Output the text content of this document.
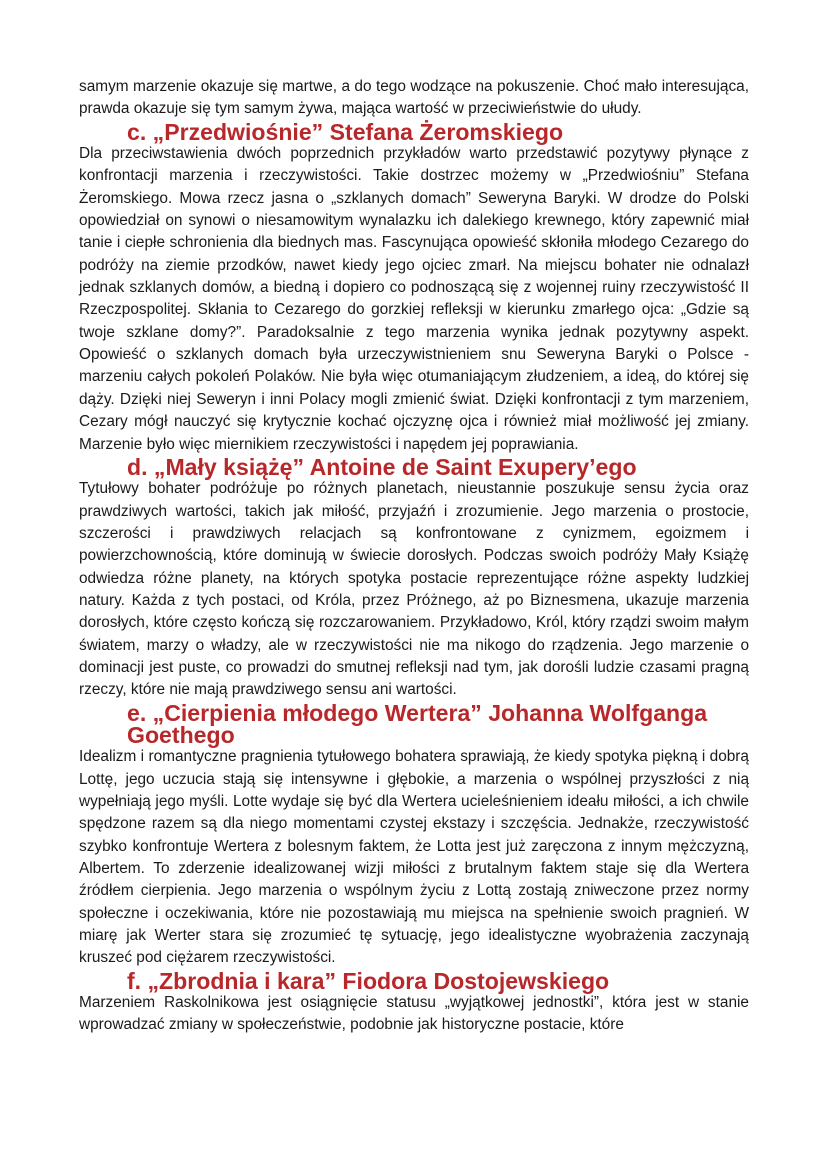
samym marzenie okazuje się martwe, a do tego wodzące na pokuszenie. Choć mało interesująca, prawda okazuje się tym samym żywa, mająca wartość w przeciwieństwie do ułudy.

c. „Przedwiośnie” Stefana Żeromskiego

Dla przeciwstawienia dwóch poprzednich przykładów warto przedstawić pozytywy płynące z konfrontacji marzenia i rzeczywistości. Takie dostrzec możemy w „Przedwiośniu” Stefana Żeromskiego. Mowa rzecz jasna o „szklanych domach” Seweryna Baryki. W drodze do Polski opowiedział on synowi o niesamowitym wynalazku ich dalekiego krewnego, który zapewnić miał tanie i ciepłe schronienia dla biednych mas. Fascynująca opowieść skłoniła młodego Cezarego do podróży na ziemie przodków, nawet kiedy jego ojciec zmarł. Na miejscu bohater nie odnalazł jednak szklanych domów, a biedną i dopiero co podnoszącą się z wojennej ruiny rzeczywistość II Rzeczpospolitej. Skłania to Cezarego do gorzkiej refleksji w kierunku zmarłego ojca: „Gdzie są twoje szklane domy?”. Paradoksalnie z tego marzenia wynika jednak pozytywny aspekt. Opowieść o szklanych domach była urzeczywistnieniem snu Seweryna Baryki o Polsce - marzeniu całych pokoleń Polaków. Nie była więc otumaniającym złudzeniem, a ideą, do której się dąży. Dzięki niej Seweryn i inni Polacy mogli zmienić świat. Dzięki konfrontacji z tym marzeniem, Cezary mógł nauczyć się krytycznie kochać ojczyznę ojca i również miał możliwość jej zmiany. Marzenie było więc miernikiem rzeczywistości i napędem jej poprawiania.

d. „Mały książę” Antoine de Saint Exupery’ego

Tytułowy bohater podróżuje po różnych planetach, nieustannie poszukuje sensu życia oraz prawdziwych wartości, takich jak miłość, przyjaźń i zrozumienie. Jego marzenia o prostocie, szczerości i prawdziwych relacjach są konfrontowane z cynizmem, egoizmem i powierzchownością, które dominują w świecie dorosłych. Podczas swoich podróży Mały Książę odwiedza różne planety, na których spotyka postacie reprezentujące różne aspekty ludzkiej natury. Każda z tych postaci, od Króla, przez Próżnego, aż po Biznesmena, ukazuje marzenia dorosłych, które często kończą się rozczarowaniem. Przykładowo, Król, który rządzi swoim małym światem, marzy o władzy, ale w rzeczywistości nie ma nikogo do rządzenia. Jego marzenie o dominacji jest puste, co prowadzi do smutnej refleksji nad tym, jak dorośli ludzie czasami pragną rzeczy, które nie mają prawdziwego sensu ani wartości.

e. „Cierpienia młodego Wertera” Johanna Wolfganga Goethego

Idealizm i romantyczne pragnienia tytułowego bohatera sprawiają, że kiedy spotyka piękną i dobrą Lottę, jego uczucia stają się intensywne i głębokie, a marzenia o wspólnej przyszłości z nią wypełniają jego myśli. Lotte wydaje się być dla Wertera ucieleśnieniem ideału miłości, a ich chwile spędzone razem są dla niego momentami czystej ekstazy i szczęścia. Jednakże, rzeczywistość szybko konfrontuje Wertera z bolesnym faktem, że Lotta jest już zaręczona z innym mężczyzną, Albertem. To zderzenie idealizowanej wizji miłości z brutalnym faktem staje się dla Wertera źródłem cierpienia. Jego marzenia o wspólnym życiu z Lottą zostają zniweczone przez normy społeczne i oczekiwania, które nie pozostawiają mu miejsca na spełnienie swoich pragnień. W miarę jak Werter stara się zrozumieć tę sytuację, jego idealistyczne wyobrażenia zaczynają kruszeć pod ciężarem rzeczywistości.

f. „Zbrodnia i kara” Fiodora Dostojewskiego

Marzeniem Raskolnikowa jest osiągnięcie statusu „wyjątkowej jednostki”, która jest w stanie wprowadzać zmiany w społeczeństwie, podobnie jak historyczne postacie, które
